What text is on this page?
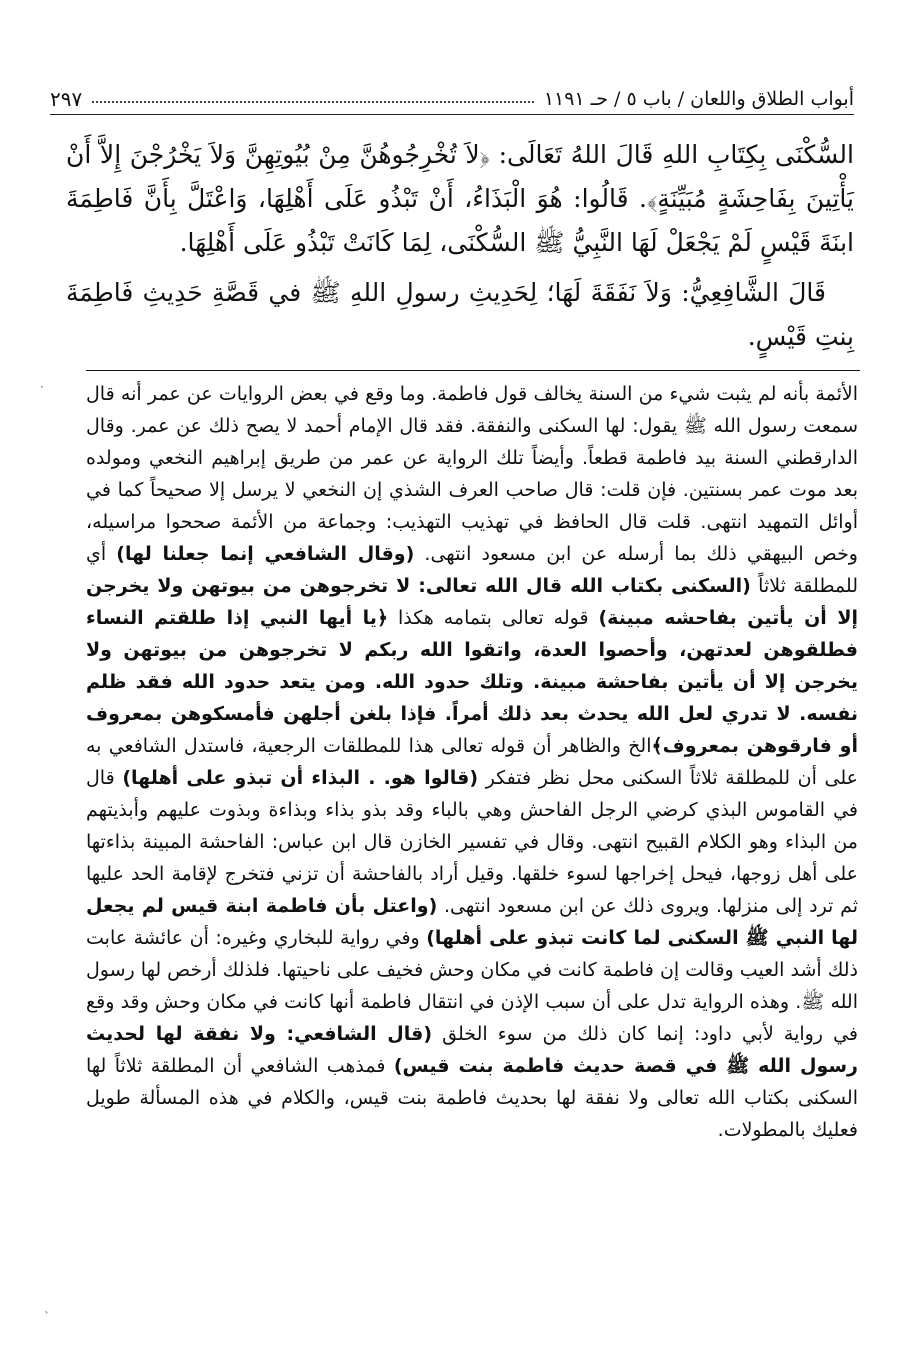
أبواب الطلاق واللعان / باب ٥ / حـ ١١٩١
٢٩٧

السُّكْنَى بِكِتَابِ اللهِ قَالَ اللهُ تَعَالَى: ﴿لاَ تُخْرِجُوهُنَّ مِنْ بُيُوتِهِنَّ وَلاَ يَخْرُجْنَ إِلاَّ أَنْ يَأْتِينَ بِفَاحِشَةٍ مُبَيِّنَةٍ﴾. قَالُوا: هُوَ الْبَذَاءُ، أَنْ تَبْذُو عَلَى أَهْلِهَا، وَاعْتَلَّ بِأَنَّ فَاطِمَةَ ابنَةَ قَيْسٍ لَمْ يَجْعَلْ لَهَا النَّبِيُّ ﷺ السُّكْنَى، لِمَا كَانَتْ تَبْذُو عَلَى أَهْلِهَا.

قَالَ الشَّافِعِيُّ: وَلاَ نَفَقَةَ لَهَا؛ لِحَدِيثِ رسولِ اللهِ ﷺ في قَصَّةِ حَدِيثِ فَاطِمَةَ بِنتِ قَيْسٍ.

الأئمة بأنه لم يثبت شيء من السنة يخالف قول فاطمة. وما وقع في بعض الروايات عن عمر أنه قال سمعت رسول الله ﷺ يقول: لها السكنى والنفقة. فقد قال الإمام أحمد لا يصح ذلك عن عمر. وقال الدارقطني السنة بيد فاطمة قطعاً. وأيضاً تلك الرواية عن عمر من طريق إبراهيم النخعي ومولده بعد موت عمر بسنتين. فإن قلت: قال صاحب العرف الشذي إن النخعي لا يرسل إلا صحيحاً كما في أوائل التمهيد انتهى. قلت قال الحافظ في تهذيب التهذيب: وجماعة من الأئمة صححوا مراسيله، وخص البيهقي ذلك بما أرسله عن ابن مسعود انتهى. (وقال الشافعي إنما جعلنا لها) أي للمطلقة ثلاثاً (السكنى بكتاب الله قال الله تعالى: لا تخرجوهن من بيوتهن ولا يخرجن إلا أن يأتين بفاحشه مبينة) قوله تعالى بتمامه هكذا ﴿يا أيها النبي إذا طلقتم النساء فطلقوهن لعدتهن، وأحصوا العدة، واتقوا الله ربكم لا تخرجوهن من بيوتهن ولا يخرجن إلا أن يأتين بفاحشة مبينة. وتلك حدود الله. ومن يتعد حدود الله فقد ظلم نفسه. لا تدري لعل الله يحدث بعد ذلك أمراً. فإذا بلغن أجلهن فأمسكوهن بمعروف أو فارقوهن بمعروف﴾الخ والظاهر أن قوله تعالى هذا للمطلقات الرجعية، فاستدل الشافعي به على أن للمطلقة ثلاثاً السكنى محل نظر فتفكر (قالوا هو. . البذاء أن تبذو على أهلها) قال في القاموس البذي كرضي الرجل الفاحش وهي بالباء وقد بذو بذاء وبذاءة وبذوت عليهم وأبذيتهم من البذاء وهو الكلام القبيح انتهى. وقال في تفسير الخازن قال ابن عباس: الفاحشة المبينة بذاءتها على أهل زوجها، فيحل إخراجها لسوء خلقها. وقيل أراد بالفاحشة أن تزني فتخرج لإقامة الحد عليها ثم ترد إلى منزلها. ويروى ذلك عن ابن مسعود انتهى. (واعتل بأن فاطمة ابنة قيس لم يجعل لها النبي ﷺ السكنى لما كانت تبذو على أهلها) وفي رواية للبخاري وغيره: أن عائشة عابت ذلك أشد العيب وقالت إن فاطمة كانت في مكان وحش فخيف على ناحيتها. فلذلك أرخص لها رسول الله ﷺ. وهذه الرواية تدل على أن سبب الإذن في انتقال فاطمة أنها كانت في مكان وحش وقد وقع في رواية لأبي داود: إنما كان ذلك من سوء الخلق (قال الشافعي: ولا نفقة لها لحديث رسول الله ﷺ في قصة حديث فاطمة بنت قيس) فمذهب الشافعي أن المطلقة ثلاثاً لها السكنى بكتاب الله تعالى ولا نفقة لها بحديث فاطمة بنت قيس، والكلام في هذه المسألة طويل فعليك بالمطولات.

·
`
